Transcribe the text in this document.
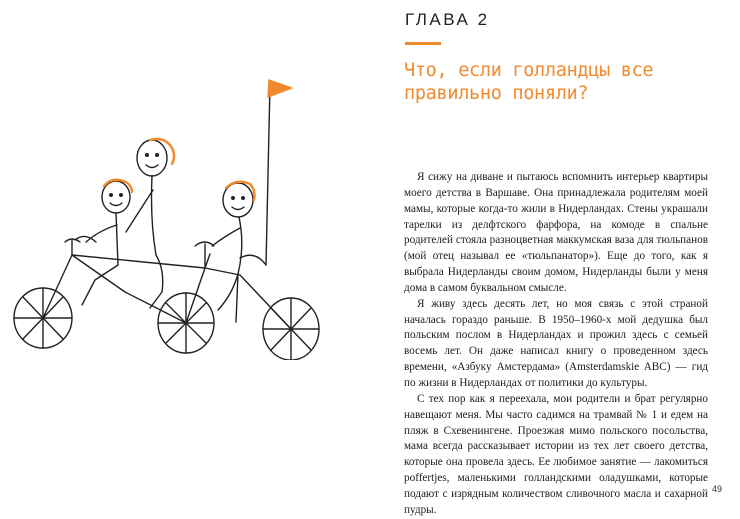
ГЛАВА 2
Что, если голландцы все правильно поняли?

Я сижу на диване и пытаюсь вспомнить интерьер квартиры моего детства в Варшаве. Она принадлежала родителям моей мамы, которые когда-то жили в Нидерландах. Стены украшали тарелки из делфтского фарфора, на комоде в спальне родителей стояла разноцветная маккумская ваза для тюльпанов (мой отец называл ее «тюльпанатор»). Еще до того, как я выбрала Нидерланды своим домом, Нидерланды были у меня дома в самом буквальном смысле.

Я живу здесь десять лет, но моя связь с этой страной началась гораздо раньше. В 1950–1960-х мой дедушка был польским послом в Нидерландах и прожил здесь с семьей восемь лет. Он даже написал книгу о проведенном здесь времени, «Азбуку Амстердама» (Amsterdamskie ABC) — гид по жизни в Нидерландах от политики до культуры.

С тех пор как я переехала, мои родители и брат регулярно навещают меня. Мы часто садимся на трамвай № 1 и едем на пляж в Схевенингене. Проезжая мимо польского посольства, мама всегда рассказывает истории из тех лет своего детства, которые она провела здесь. Ее любимое занятие — лакомиться poffertjes, маленькими голландскими оладушками, которые подают с изрядным количеством сливочного масла и сахарной пудры.

49
